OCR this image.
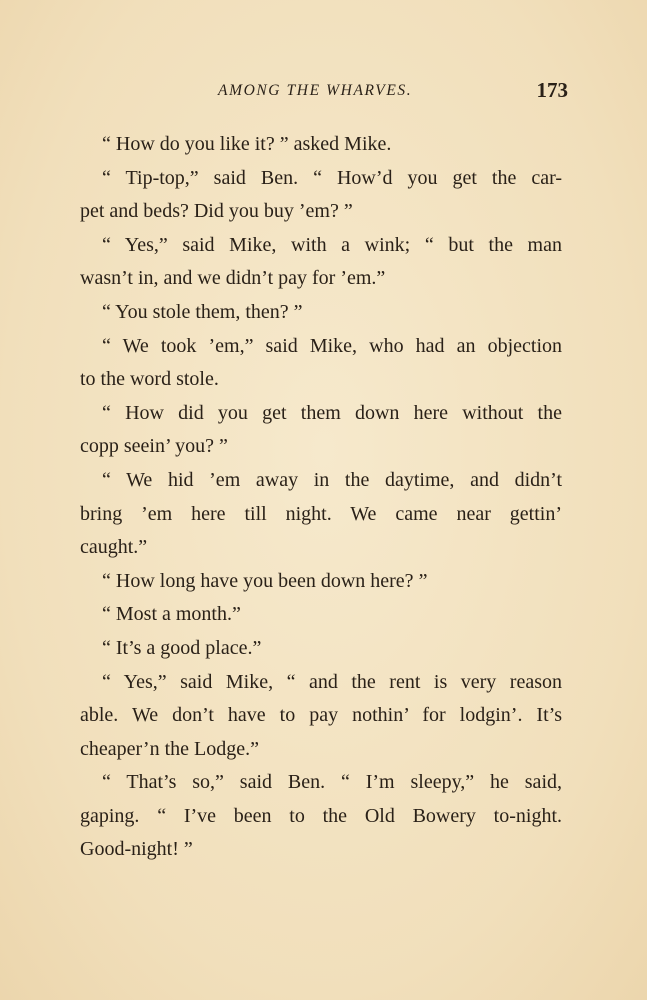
AMONG THE WHARVES.	173
“ How do you like it? ” asked Mike.
“ Tip-top,” said Ben. “ How’d you get the car-
pet and beds? Did you buy ’em? ”
“ Yes,” said Mike, with a wink; “ but the man
wasn’t in, and we didn’t pay for ’em.”
“ You stole them, then? ”
“ We took ’em,” said Mike, who had an objection
to the word stole.
“ How did you get them down here without the
copp seein’ you? ”
“ We hid ’em away in the daytime, and didn’t
bring ’em here till night. We came near gettin’
caught.”
“ How long have you been down here? ”
“ Most a month.”
“ It’s a good place.”
“ Yes,” said Mike, “ and the rent is very reason
able. We don’t have to pay nothin’ for lodgin’. It’s
cheaper’n the Lodge.”
“ That’s so,” said Ben. “ I’m sleepy,” he said,
gaping. “ I’ve been to the Old Bowery to-night.
Good-night! ”
